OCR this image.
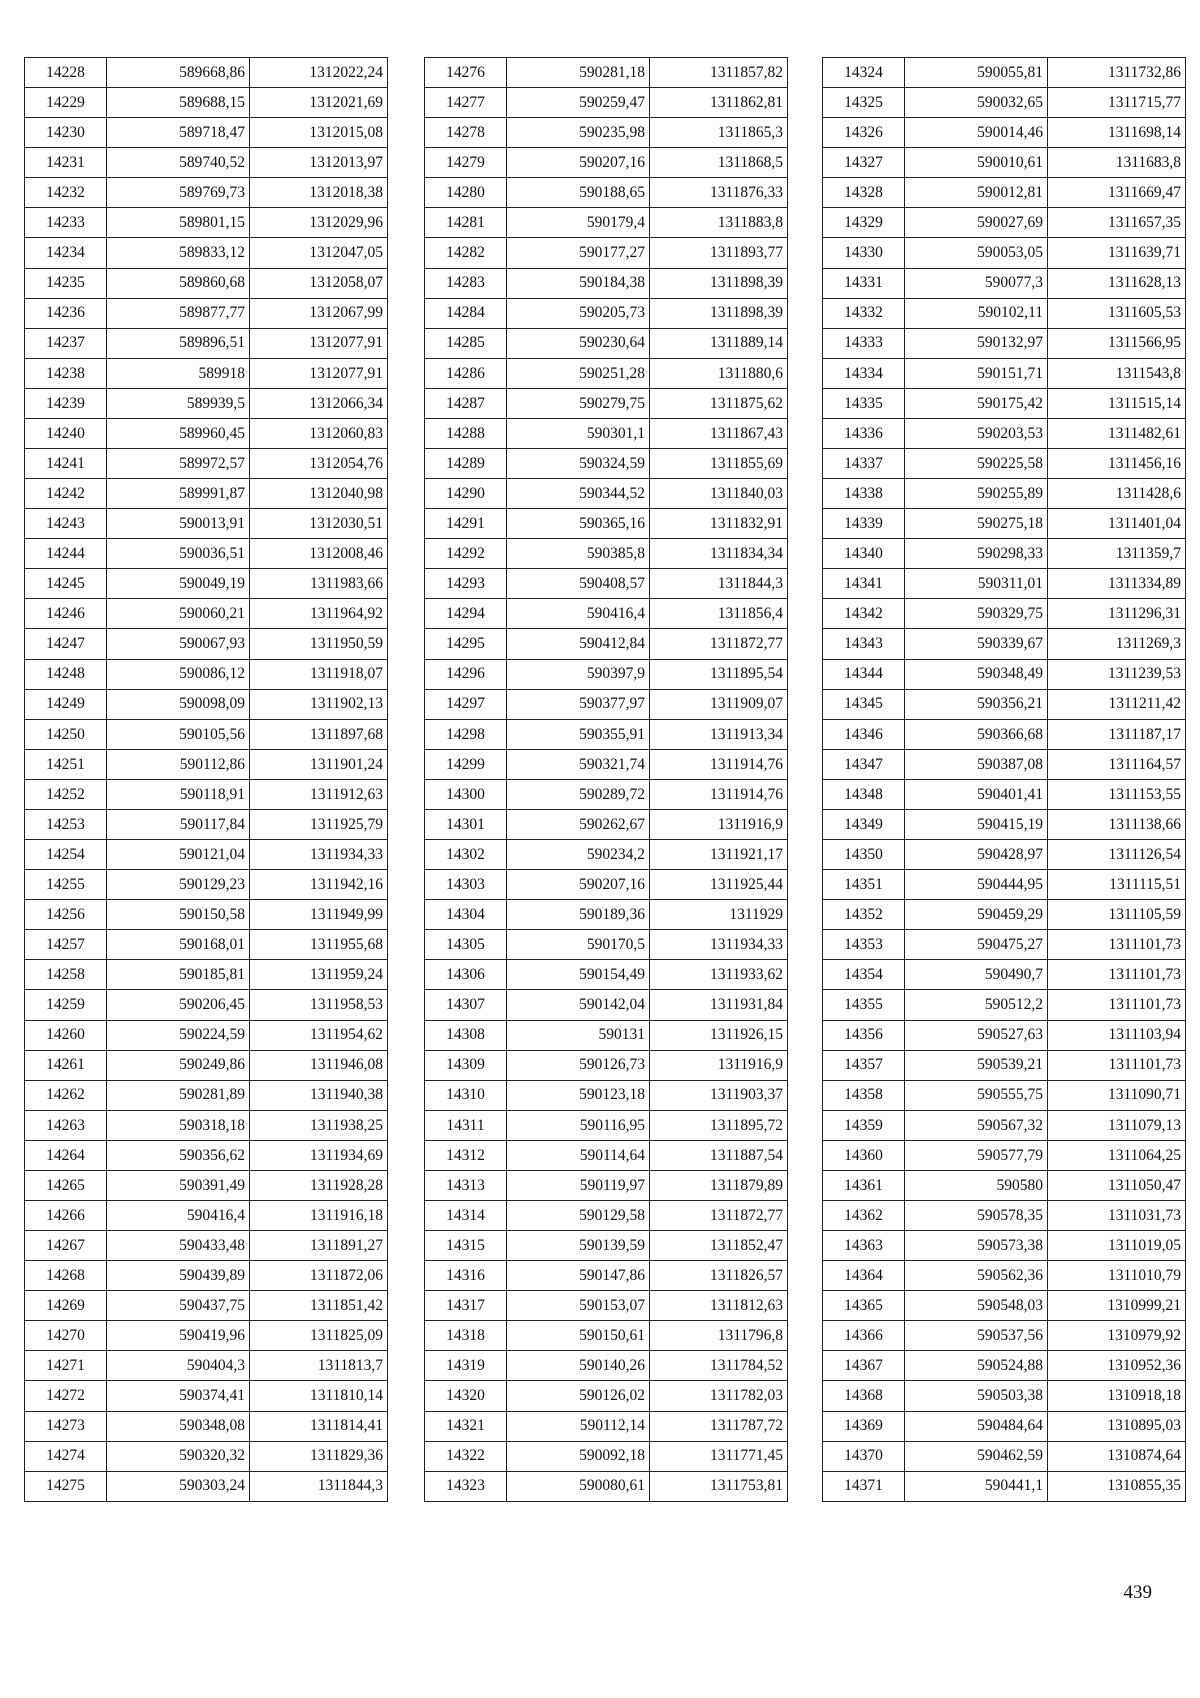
14228	589668,86	1312022,24
14229	589688,15	1312021,69
14230	589718,47	1312015,08
14231	589740,52	1312013,97
14232	589769,73	1312018,38
14233	589801,15	1312029,96
14234	589833,12	1312047,05
14235	589860,68	1312058,07
14236	589877,77	1312067,99
14237	589896,51	1312077,91
14238	589918	1312077,91
14239	589939,5	1312066,34
14240	589960,45	1312060,83
14241	589972,57	1312054,76
14242	589991,87	1312040,98
14243	590013,91	1312030,51
14244	590036,51	1312008,46
14245	590049,19	1311983,66
14246	590060,21	1311964,92
14247	590067,93	1311950,59
14248	590086,12	1311918,07
14249	590098,09	1311902,13
14250	590105,56	1311897,68
14251	590112,86	1311901,24
14252	590118,91	1311912,63
14253	590117,84	1311925,79
14254	590121,04	1311934,33
14255	590129,23	1311942,16
14256	590150,58	1311949,99
14257	590168,01	1311955,68
14258	590185,81	1311959,24
14259	590206,45	1311958,53
14260	590224,59	1311954,62
14261	590249,86	1311946,08
14262	590281,89	1311940,38
14263	590318,18	1311938,25
14264	590356,62	1311934,69
14265	590391,49	1311928,28
14266	590416,4	1311916,18
14267	590433,48	1311891,27
14268	590439,89	1311872,06
14269	590437,75	1311851,42
14270	590419,96	1311825,09
14271	590404,3	1311813,7
14272	590374,41	1311810,14
14273	590348,08	1311814,41
14274	590320,32	1311829,36
14275	590303,24	1311844,3
14276	590281,18	1311857,82
14277	590259,47	1311862,81
14278	590235,98	1311865,3
14279	590207,16	1311868,5
14280	590188,65	1311876,33
14281	590179,4	1311883,8
14282	590177,27	1311893,77
14283	590184,38	1311898,39
14284	590205,73	1311898,39
14285	590230,64	1311889,14
14286	590251,28	1311880,6
14287	590279,75	1311875,62
14288	590301,1	1311867,43
14289	590324,59	1311855,69
14290	590344,52	1311840,03
14291	590365,16	1311832,91
14292	590385,8	1311834,34
14293	590408,57	1311844,3
14294	590416,4	1311856,4
14295	590412,84	1311872,77
14296	590397,9	1311895,54
14297	590377,97	1311909,07
14298	590355,91	1311913,34
14299	590321,74	1311914,76
14300	590289,72	1311914,76
14301	590262,67	1311916,9
14302	590234,2	1311921,17
14303	590207,16	1311925,44
14304	590189,36	1311929
14305	590170,5	1311934,33
14306	590154,49	1311933,62
14307	590142,04	1311931,84
14308	590131	1311926,15
14309	590126,73	1311916,9
14310	590123,18	1311903,37
14311	590116,95	1311895,72
14312	590114,64	1311887,54
14313	590119,97	1311879,89
14314	590129,58	1311872,77
14315	590139,59	1311852,47
14316	590147,86	1311826,57
14317	590153,07	1311812,63
14318	590150,61	1311796,8
14319	590140,26	1311784,52
14320	590126,02	1311782,03
14321	590112,14	1311787,72
14322	590092,18	1311771,45
14323	590080,61	1311753,81
14324	590055,81	1311732,86
14325	590032,65	1311715,77
14326	590014,46	1311698,14
14327	590010,61	1311683,8
14328	590012,81	1311669,47
14329	590027,69	1311657,35
14330	590053,05	1311639,71
14331	590077,3	1311628,13
14332	590102,11	1311605,53
14333	590132,97	1311566,95
14334	590151,71	1311543,8
14335	590175,42	1311515,14
14336	590203,53	1311482,61
14337	590225,58	1311456,16
14338	590255,89	1311428,6
14339	590275,18	1311401,04
14340	590298,33	1311359,7
14341	590311,01	1311334,89
14342	590329,75	1311296,31
14343	590339,67	1311269,3
14344	590348,49	1311239,53
14345	590356,21	1311211,42
14346	590366,68	1311187,17
14347	590387,08	1311164,57
14348	590401,41	1311153,55
14349	590415,19	1311138,66
14350	590428,97	1311126,54
14351	590444,95	1311115,51
14352	590459,29	1311105,59
14353	590475,27	1311101,73
14354	590490,7	1311101,73
14355	590512,2	1311101,73
14356	590527,63	1311103,94
14357	590539,21	1311101,73
14358	590555,75	1311090,71
14359	590567,32	1311079,13
14360	590577,79	1311064,25
14361	590580	1311050,47
14362	590578,35	1311031,73
14363	590573,38	1311019,05
14364	590562,36	1311010,79
14365	590548,03	1310999,21
14366	590537,56	1310979,92
14367	590524,88	1310952,36
14368	590503,38	1310918,18
14369	590484,64	1310895,03
14370	590462,59	1310874,64
14371	590441,1	1310855,35
439
